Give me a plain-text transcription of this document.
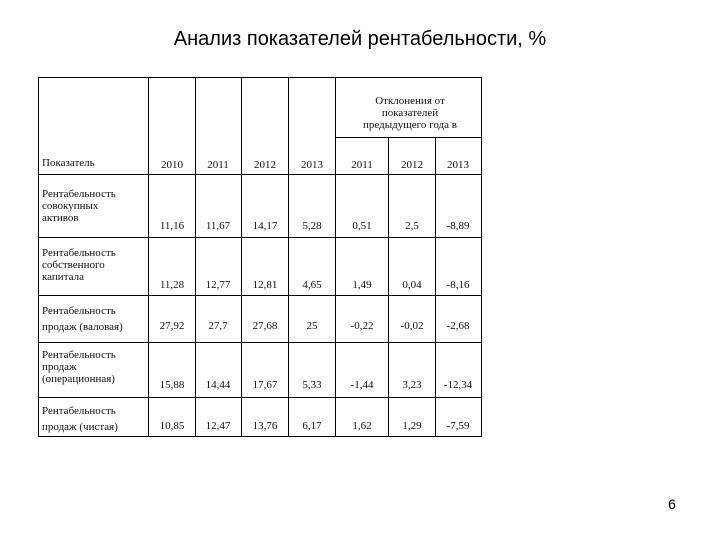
Анализ показателей рентабельности, %
Отклонения от
показателей
предыдущего года в
Показатель	2010	2011	2012	2013	2011	2012	2013
Рентабельность
совокупных
активов
11,16	11,67	14,17	5,28	0,51	2,5	-8,89
Рентабельность
собственного
капитала
11,28	12,77	12,81	4,65	1,49	0,04	-8,16
Рентабельность
продаж (валовая)	27,92	27,7	27,68	25	-0,22	-0,02	-2,68
Рентабельность
продаж
(операционная)	15,88	14,44	17,67	5,33	-1,44	3,23	-12,34
Рентабельность
продаж (чистая)	10,85	12,47	13,76	6,17	1,62	1,29	-7,59
6
